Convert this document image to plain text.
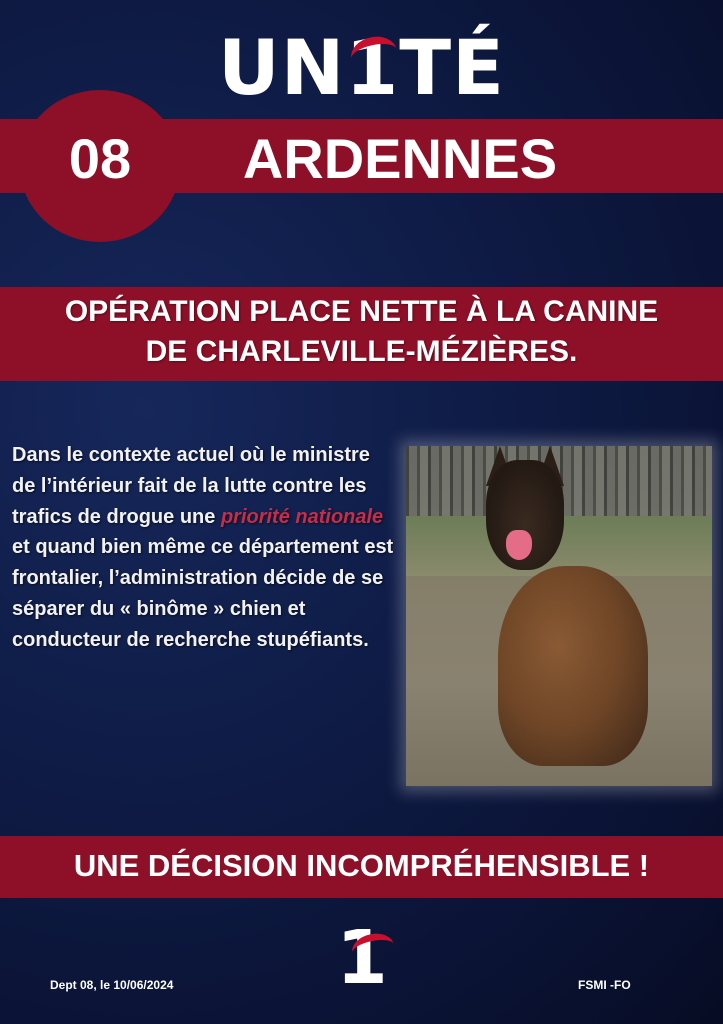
UN1
TÉ
08	ARDENNES
OPÉRATION PLACE NETTE À LA CANINE
DE CHARLEVILLE-MÉZIÈRES.
Dans le contexte actuel où le ministre de l’intérieur fait de la lutte contre les trafics de drogue une priorité nationale et quand bien même ce département est frontalier, l’administration décide de se séparer du « binôme » chien et conducteur de recherche stupéfiants.
UNE DÉCISION INCOMPRÉHENSIBLE !
1
Dept 08, le 10/06/2024	FSMI -FO
